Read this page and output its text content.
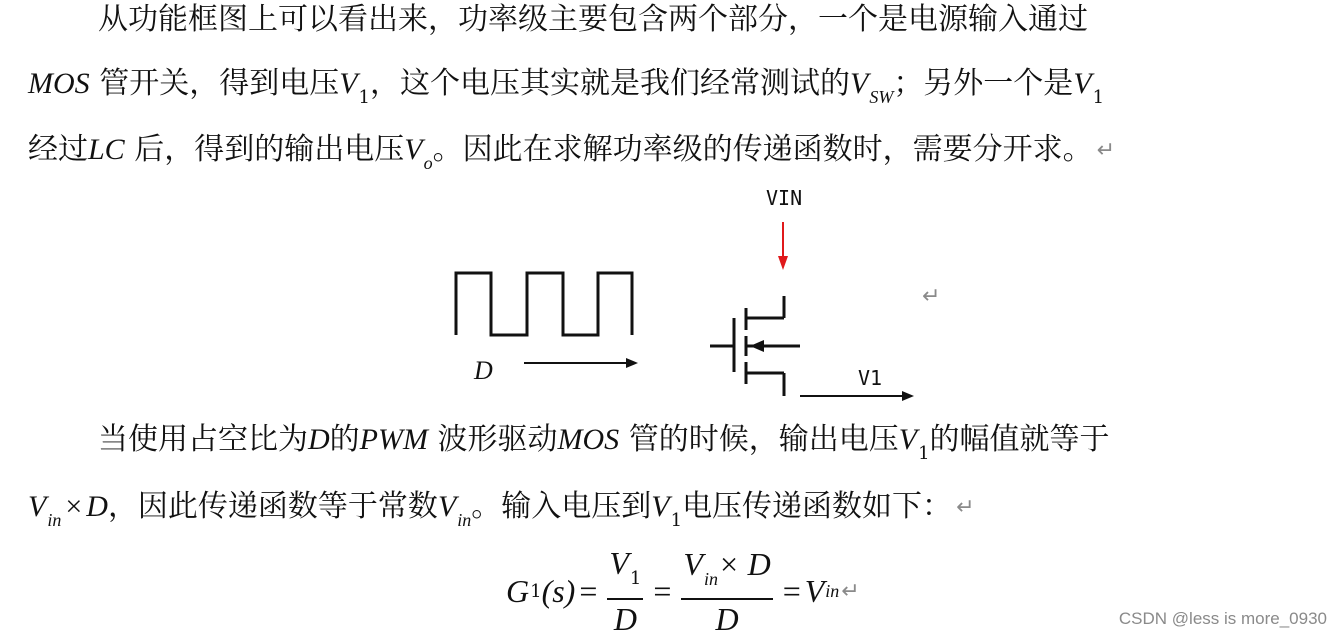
从功能框图上可以看出来，功率级主要包含两个部分，一个是电源输入通过
MOS 管开关，得到电压$V_1$，这个电压其实就是我们经常测试的$V_{SW}$；另外一个是$V_1$
经过LC 后，得到的输出电压$V_o$。因此在求解功率级的传递函数时，需要分开求。 ↵
VIN
V1
D
↵
当使用占空比为D的PWM 波形驱动MOS 管的时候，输出电压$V_1$的幅值就等于
$V_{in} \times D$，因此传递函数等于常数$V_{in}$。输入电压到$V_1$电压传递函数如下： ↵
G 1 $(s) = \frac{V_1}{D} = \frac{V_{in}\times D}{D} = V$ in ↵
CSDN @less is more_0930
